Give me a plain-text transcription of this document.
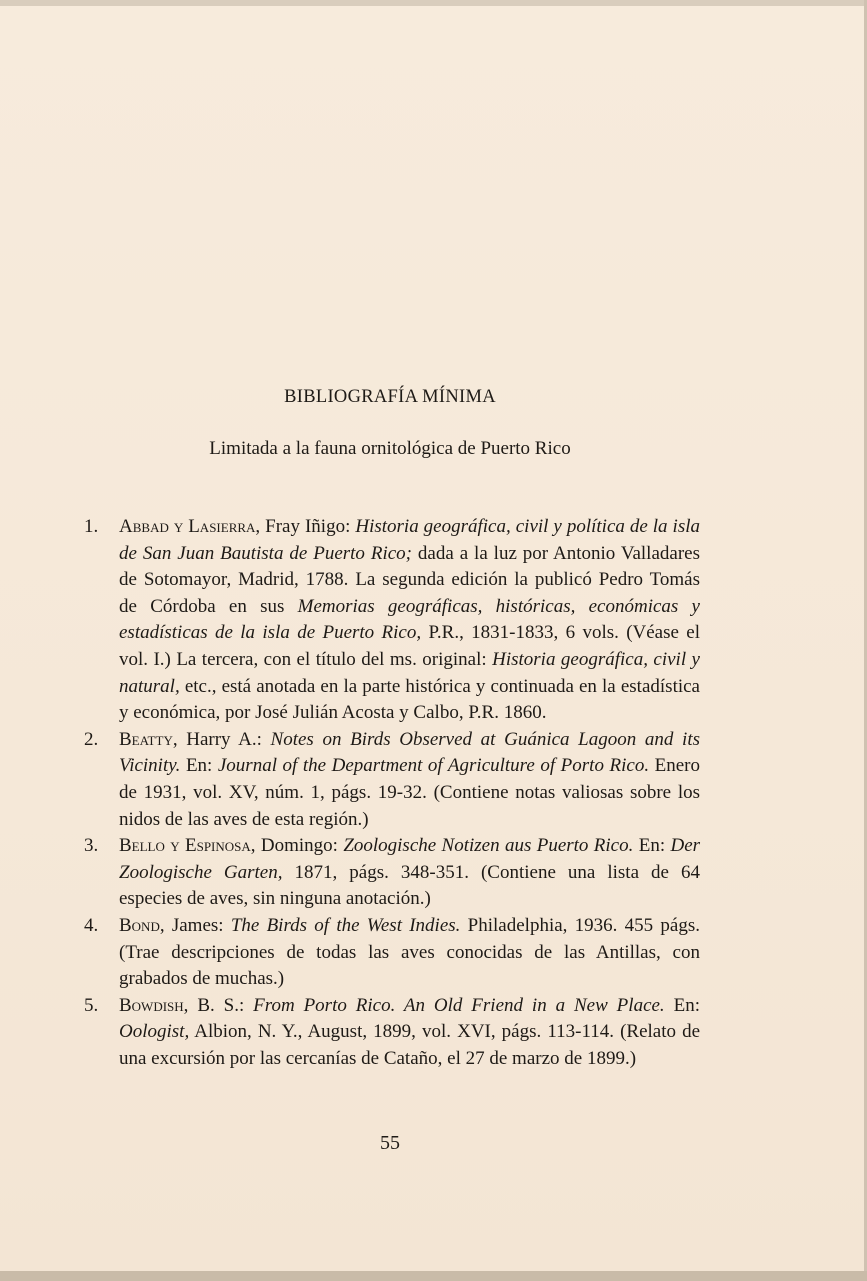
BIBLIOGRAFÍA MÍNIMA
Limitada a la fauna ornitológica de Puerto Rico
1.	Abbad y Lasierra, Fray Iñigo: Historia geográfica, civil y política de la isla de San Juan Bautista de Puerto Rico; dada a la luz por Antonio Valladares de Sotomayor, Madrid, 1788. La segunda edición la publicó Pedro Tomás de Córdoba en sus Memorias geográficas, históricas, económicas y estadísticas de la isla de Puerto Rico, P.R., 1831-1833, 6 vols. (Véase el vol. I.) La tercera, con el título del ms. original: Historia geográfica, civil y natural, etc., está anotada en la parte histórica y continuada en la estadística y económica, por José Julián Acosta y Calbo, P.R. 1860.
2.	Beatty, Harry A.: Notes on Birds Observed at Guánica Lagoon and its Vicinity. En: Journal of the Department of Agriculture of Porto Rico. Enero de 1931, vol. XV, núm. 1, págs. 19-32. (Contiene notas valiosas sobre los nidos de las aves de esta región.)
3.	Bello y Espinosa, Domingo: Zoologische Notizen aus Puerto Rico. En: Der Zoologische Garten, 1871, págs. 348-351. (Contiene una lista de 64 especies de aves, sin ninguna anotación.)
4.	Bond, James: The Birds of the West Indies. Philadelphia, 1936. 455 págs. (Trae descripciones de todas las aves conocidas de las Antillas, con grabados de muchas.)
5.	Bowdish, B. S.: From Porto Rico. An Old Friend in a New Place. En: Oologist, Albion, N. Y., August, 1899, vol. XVI, págs. 113-114. (Relato de una excursión por las cercanías de Cataño, el 27 de marzo de 1899.)
55
